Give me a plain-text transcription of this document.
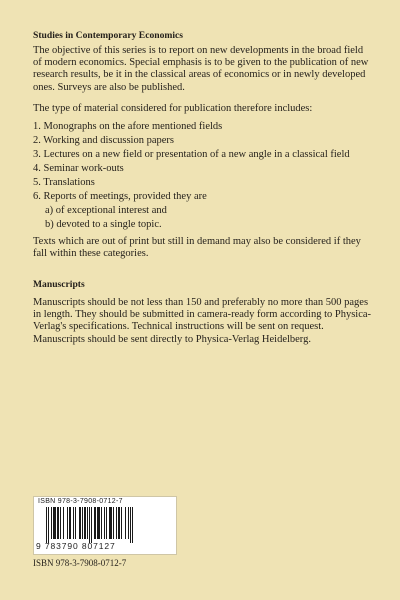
Studies in Contemporary Economics

The objective of this series is to report on new developments in the broad field of modern economics. Special emphasis is to be given to the publication of new research results, be it in the classical areas of economics or in newly developed ones. Surveys are also be published.

The type of material considered for publication therefore includes:

1. Monographs on the afore mentioned fields
2. Working and discussion papers
3. Lectures on a new field or presentation of a new angle in a classical field
4. Seminar work-outs
5. Translations
6. Reports of meetings, provided they are
a) of exceptional interest and
b) devoted to a single topic.

Texts which are out of print but still in demand may also be considered if they fall within these categories.

Manuscripts

Manuscripts should be not less than 150 and preferably no more than 500 pages in length. They should be submitted in camera-ready form according to Physica-Verlag's specifications. Technical instructions will be sent on request. Manuscripts should be sent directly to Physica-Verlag Heidelberg.

ISBN 978-3-7908-0712-7
9 783790 807127
ISBN 978-3-7908-0712-7
